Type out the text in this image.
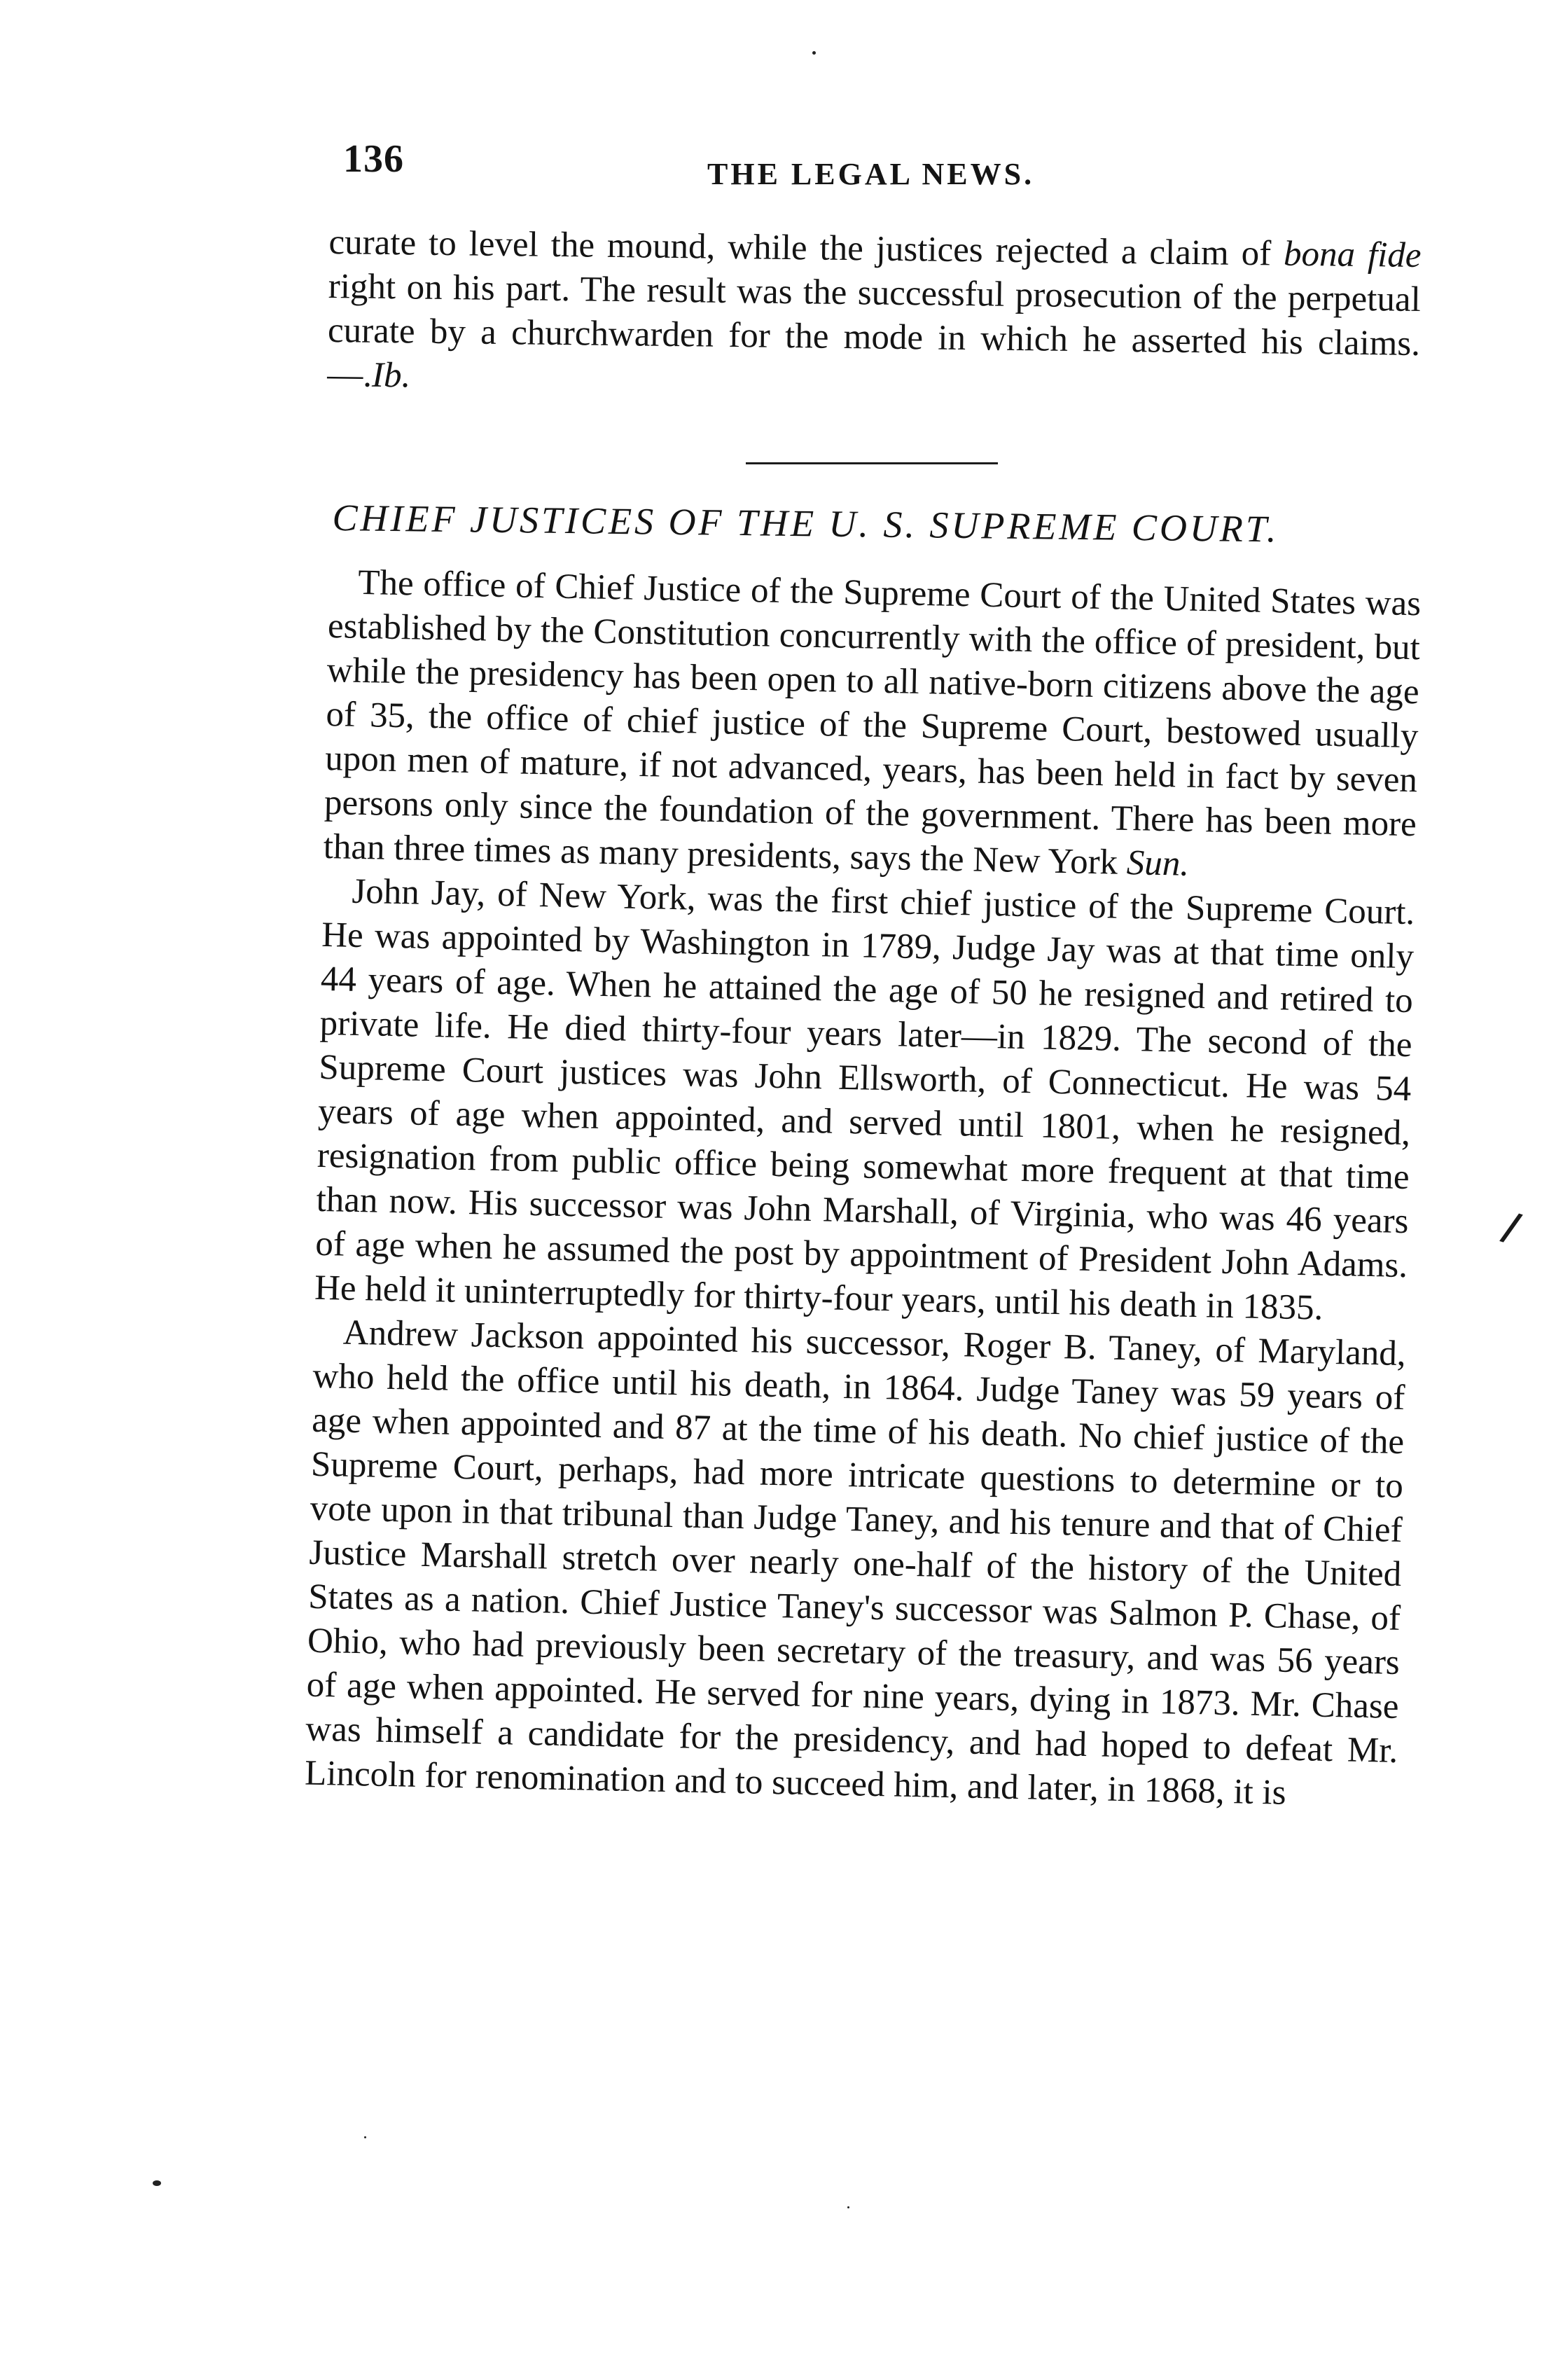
136	THE LEGAL NEWS.

curate to level the mound, while the justices rejected a claim of bona fide right on his part. The result was the successful prosecution of the perpetual curate by a churchwarden for the mode in which he asserted his claims.—.Ib.

CHIEF JUSTICES OF THE U. S. SUPREME COURT.

The office of Chief Justice of the Supreme Court of the United States was established by the Constitution concurrently with the office of president, but while the presidency has been open to all native-born citizens above the age of 35, the office of chief justice of the Supreme Court, bestowed usually upon men of mature, if not advanced, years, has been held in fact by seven persons only since the foundation of the government. There has been more than three times as many presidents, says the New York Sun.

John Jay, of New York, was the first chief justice of the Supreme Court. He was appointed by Washington in 1789, Judge Jay was at that time only 44 years of age. When he attained the age of 50 he resigned and retired to private life. He died thirty-four years later—in 1829. The second of the Supreme Court justices was John Ellsworth, of Connecticut. He was 54 years of age when appointed, and served until 1801, when he resigned, resignation from public office being somewhat more frequent at that time than now. His successor was John Marshall, of Virginia, who was 46 years of age when he assumed the post by appointment of President John Adams. He held it uninterruptedly for thirty-four years, until his death in 1835.

Andrew Jackson appointed his successor, Roger B. Taney, of Maryland, who held the office until his death, in 1864. Judge Taney was 59 years of age when appointed and 87 at the time of his death. No chief justice of the Supreme Court, perhaps, had more intricate questions to determine or to vote upon in that tribunal than Judge Taney, and his tenure and that of Chief Justice Marshall stretch over nearly one-half of the history of the United States as a nation. Chief Justice Taney's successor was Salmon P. Chase, of Ohio, who had previously been secretary of the treasury, and was 56 years of age when appointed. He served for nine years, dying in 1873. Mr. Chase was himself a candidate for the presidency, and had hoped to defeat Mr. Lincoln for renomination and to succeed him, and later, in 1868, it is

/
